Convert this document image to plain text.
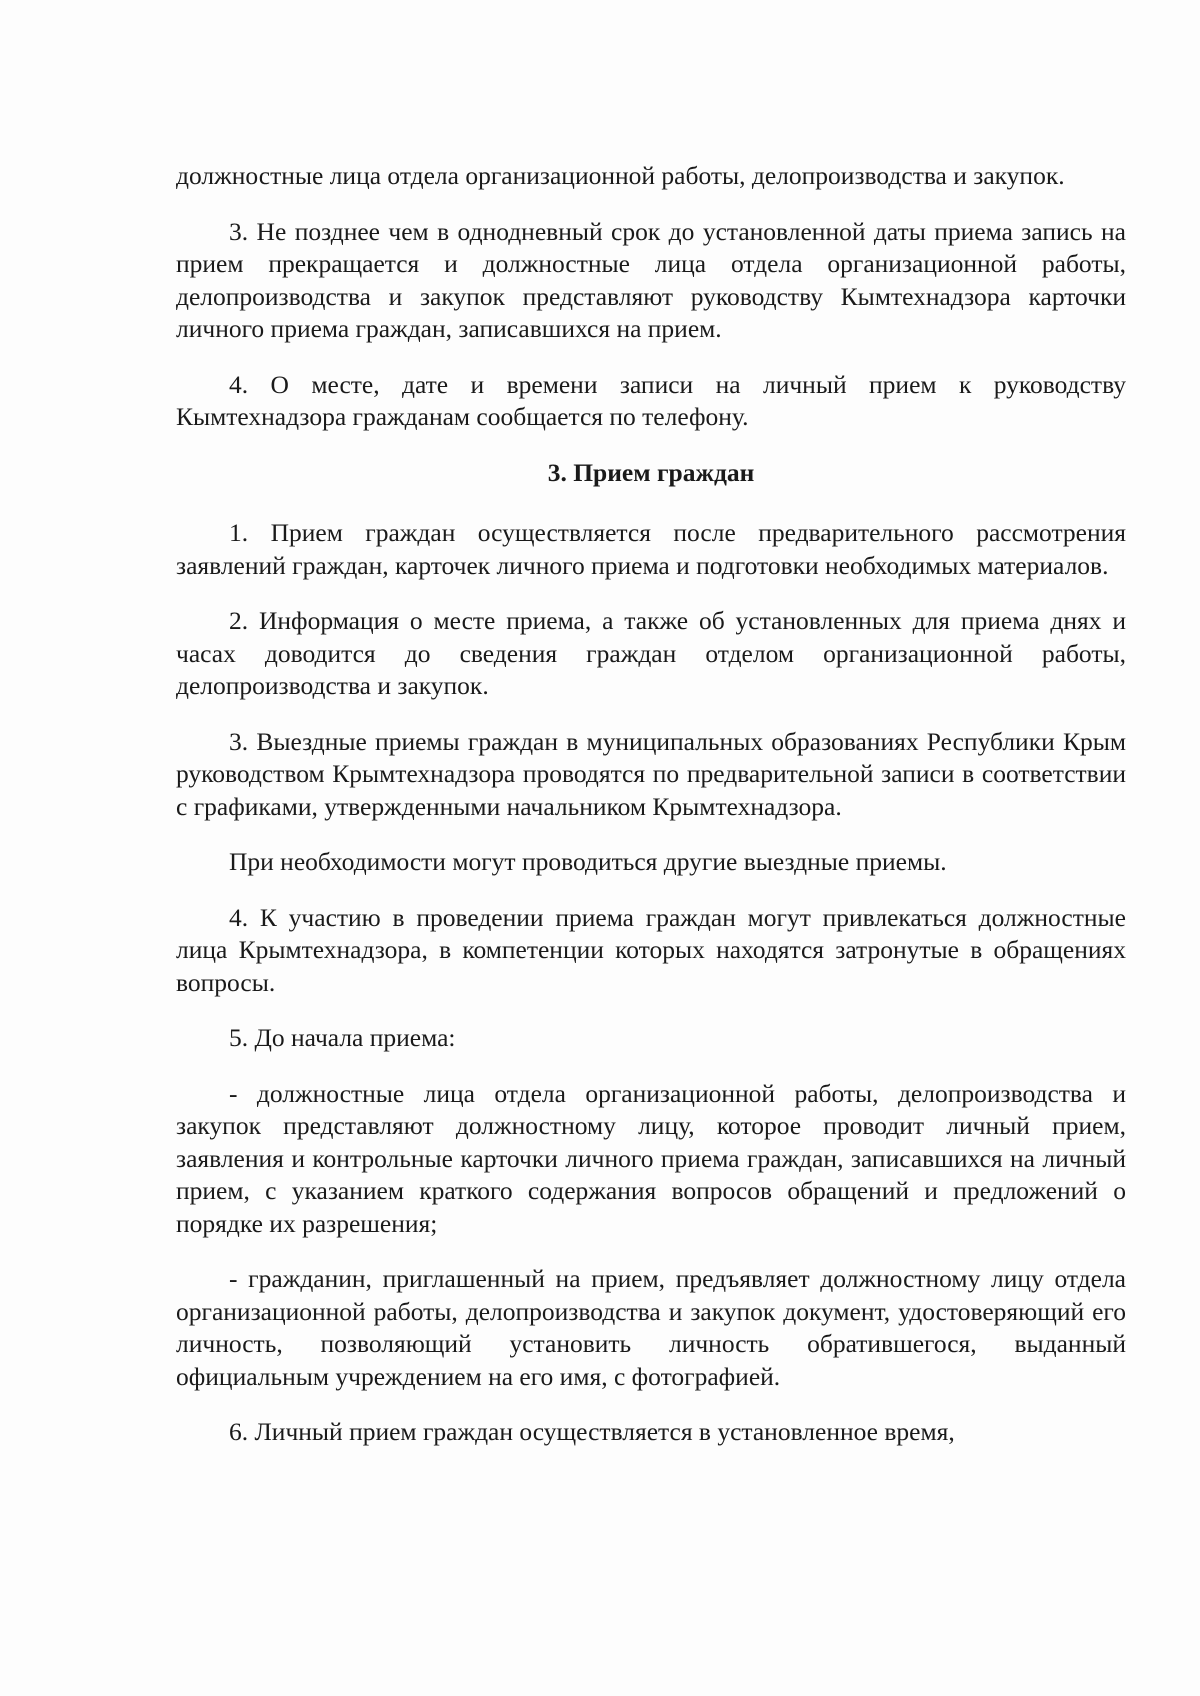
должностные лица отдела организационной работы, делопроизводства и закупок.

3. Не позднее чем в однодневный срок до установленной даты приема запись на прием прекращается и должностные лица отдела организационной работы, делопроизводства и закупок представляют руководству Кымтехнадзора карточки личного приема граждан, записавшихся на прием.

4. О месте, дате и времени записи на личный прием к руководству Кымтехнадзора гражданам сообщается по телефону.

3. Прием граждан

1. Прием граждан осуществляется после предварительного рассмотрения заявлений граждан, карточек личного приема и подготовки необходимых материалов.

2. Информация о месте приема, а также об установленных для приема днях и часах доводится до сведения граждан отделом организационной работы, делопроизводства и закупок.

3. Выездные приемы граждан в муниципальных образованиях Республики Крым руководством Крымтехнадзора проводятся по предварительной записи в соответствии с графиками, утвержденными начальником Крымтехнадзора.

При необходимости могут проводиться другие выездные приемы.

4. К участию в проведении приема граждан могут привлекаться должностные лица Крымтехнадзора, в компетенции которых находятся затронутые в обращениях вопросы.

5. До начала приема:

- должностные лица отдела организационной работы, делопроизводства и закупок представляют должностному лицу, которое проводит личный прием, заявления и контрольные карточки личного приема граждан, записавшихся на личный прием, с указанием краткого содержания вопросов обращений и предложений о порядке их разрешения;

- гражданин, приглашенный на прием, предъявляет должностному лицу отдела организационной работы, делопроизводства и закупок документ, удостоверяющий его личность, позволяющий установить личность обратившегося, выданный официальным учреждением на его имя, с фотографией.

6. Личный прием граждан осуществляется в установленное время,
